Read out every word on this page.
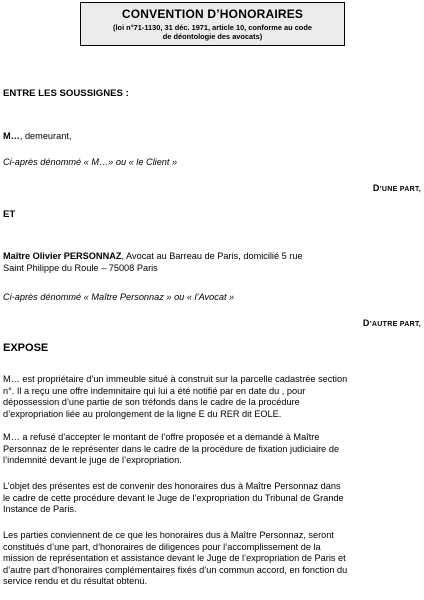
CONVENTION D’HONORAIRES
(loi n°71-1130, 31 déc. 1971, article 10, conforme au code
de déontologie des avocats)
ENTRE LES SOUSSIGNES :
M…, demeurant,
Ci-après dénommé « M…» ou « le Client »
D’UNE PART,
ET
Maître Olivier PERSONNAZ, Avocat au Barreau de Paris, domicilié 5 rue
Saint Philippe du Roule – 75008 Paris
Ci-après dénommé « Maître Personnaz » ou « l’Avocat »
D’AUTRE PART,
EXPOSE
M… est propriétaire d’un immeuble situé à construit sur la parcelle cadastrée section
n°. Il a reçu une offre indemnitaire qui lui a été notifié par en date du , pour
dépossession d’une partie de son tréfonds dans le cadre de la procédure
d’expropriation liée au prolongement de la ligne E du RER dit EOLE.
M… a refusé d’accepter le montant de l’offre proposée et a demandé à Maître
Personnaz de le représenter dans le cadre de la procédure de fixation judiciaire de
l’indemnité devant le juge de l’expropriation.
L’objet des présentes est de convenir des honoraires dus à Maître Personnaz dans
le cadre de cette procédure devant le Juge de l’expropriation du Tribunal de Grande
Instance de Paris.
Les parties conviennent de ce que les honoraires dus à Maître Personnaz, seront
constitués d’une part, d’honoraires de diligences pour l’accomplissement de la
mission de représentation et assistance devant le Juge de l’expropriation de Paris et
d’autre part d’honoraires complémentaires fixés d’un commun accord, en fonction du
service rendu et du résultat obtenu.
